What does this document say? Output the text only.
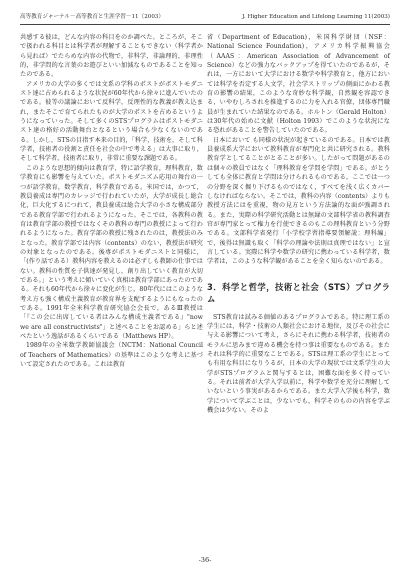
高等教育ジャーナル－高等教育と生涯学習－11（2003）	J. Higher Education and Lifelong Learning 11(2003)

共感する彼は，どんな内容の科目をのか調べた。ところが，そこで扱われる科目とは科学者が理解することもできない（科学者から見れば）でたらめな内容の代物で，非科学，非論理的，非理性的，非学問的な言葉のお遊びといい加減なものであることを知ったのである。

アメリカの大学の多くでは文系の学科のポストがポストモダニスト達に占められるような状況が60年代から徐々に進んでいたのである。彼等の議論において反科学，反理性的な教義が教え込まれ，またそこで育てられたものが大学のポストを占めるというようになっていった。そして多くのSTSプログラムはポストモダニスト達の格好の活動舞台となるという場合も少なくないのである。しかし，STSの目指す本来の目的，「科学，技術を，そして科学者，技術者の役割と責任を社会の中で考える」は大事に取り，そして科学者，技術者に取り，非常に重要な課題である。

このような思想的傾向は教育学，特に語学教育，理科教育，数学教育にも影響を与えていた。ポストモダニズム応用の舞台の一つが語学教育，数学教育，科学教育である。米国では，かつて，教員養成は専門のカレッジで行われていたが，大学が成長し総合化，巨大化するにつれて，教員養成は総合大学の小さな構成部分である教育学部で行われるようになった。そこでは，各教科の教育は教育学部の教授ではなくその教科の専門の教授によって行われるようになった。教育学部の教授に残されたのは，教授法のみとなった。教育学部では内容（contents）のない，教授法が研究の対象となったのである。後専がポストモダニストと同様に，「(作り話である）教科内容を教えるのは必ずしも教師の仕事ではない。教科の性質を子供達が発見し，創り出していく教育が大切である。」という考えに傾いていく真相は教育学部にあったのである。それも60年代から徐々に変化が生じ，80年代にはこのような考え方も強く構成主義教育が教育界を支配するようにもなったのである。1991年全米科学教育研究協会会長で，あるⅢ教授は「『この会に出席している者はみんな構成主義者である』"now we are all constructivists"」と述べることをお認める」らと述べたという逸話があるくらいである（Matthews HP）。

1989年の全米数学教師協議会（NCTM：National Council of Teachers of Mathematics）の基準はこのような考えに基づいて設定されたのである。これは教育

省（Department of Education)，米国科学財団（NSF：National Science Foundation)，アメリカ科学振興協会（AAAS：American Association of Advancement of Science）などの強力なバックアップを得ていたのであるが，それは，一方において大学における数学や科学教育と，他方においては科学を否定する人文学，社会学ストリップの側面にかわる教育の影響の結果，このような奇妙な科学観，自然観を容認できる，いやむしろされを推進するのに力を入れる官僚，団体専門職員が生まれていた結果なのである。ホルトン（Gerald Holton）は30年代の始めに文献（Holton 1993）でこのような状況になる恐れがあることを警告していたのである。

日本において も同様の状況が起きているのである。日本では教員養成系大学において教科教育が専門化と共に研究される。教科教育学としてることがとることが多い。したがって問題があるのは個々の教員ではなく「理科教育を学問を学問」である。がとうしても全体に教育と学問は分けられるものである。ここでは一つの分野を深く掘り下げるものではなく，すべてを浅く広くカバーしなければならない。そこでは，教科の内容（contents）よりも教授方法にはを重視，物の見方という方法論的な面が強調される。また，実際の科学研究活動とは無縁の文部科学省の教科調査官が専門家とって権力を行使できるのもこの理科教育という分野である。文部科学省発行「小学校学習指導要領解説：理科編」で，後得は無識も取く「科学の理論や法則は真理ではない」と宣言している。実際に科学や数学の研究に携わっている科学者，数学者は，このような科学観があることを全く知らないのである。

3．科学と哲学，技術と社会（STS）プログラム

STS教育は試みる価値のあるプログラムである。特に理工系の学生には，科学・技術の人類社会における地位，及びその社会に与える影響について考え，さらにそれに携わる科学者，技術者のモラルに思みまで違める機会を持つ事は重要なものである。またそれは科学的に重要なことである。STSは理工系の学生にとっても有用な科目になりうるが，日本の大学の現状では文系学生の大学がSTSプログラムと関与するとは，困難な面を多く持っている。それは前者が大学入学以前に，科学や数学を充分に理解していないという事実があるからである。また大学入学後も科学，数学について学ぶことは，少ないでも，科学そのものの内容を学ぶ機会は少ない。そのよ

-36-
